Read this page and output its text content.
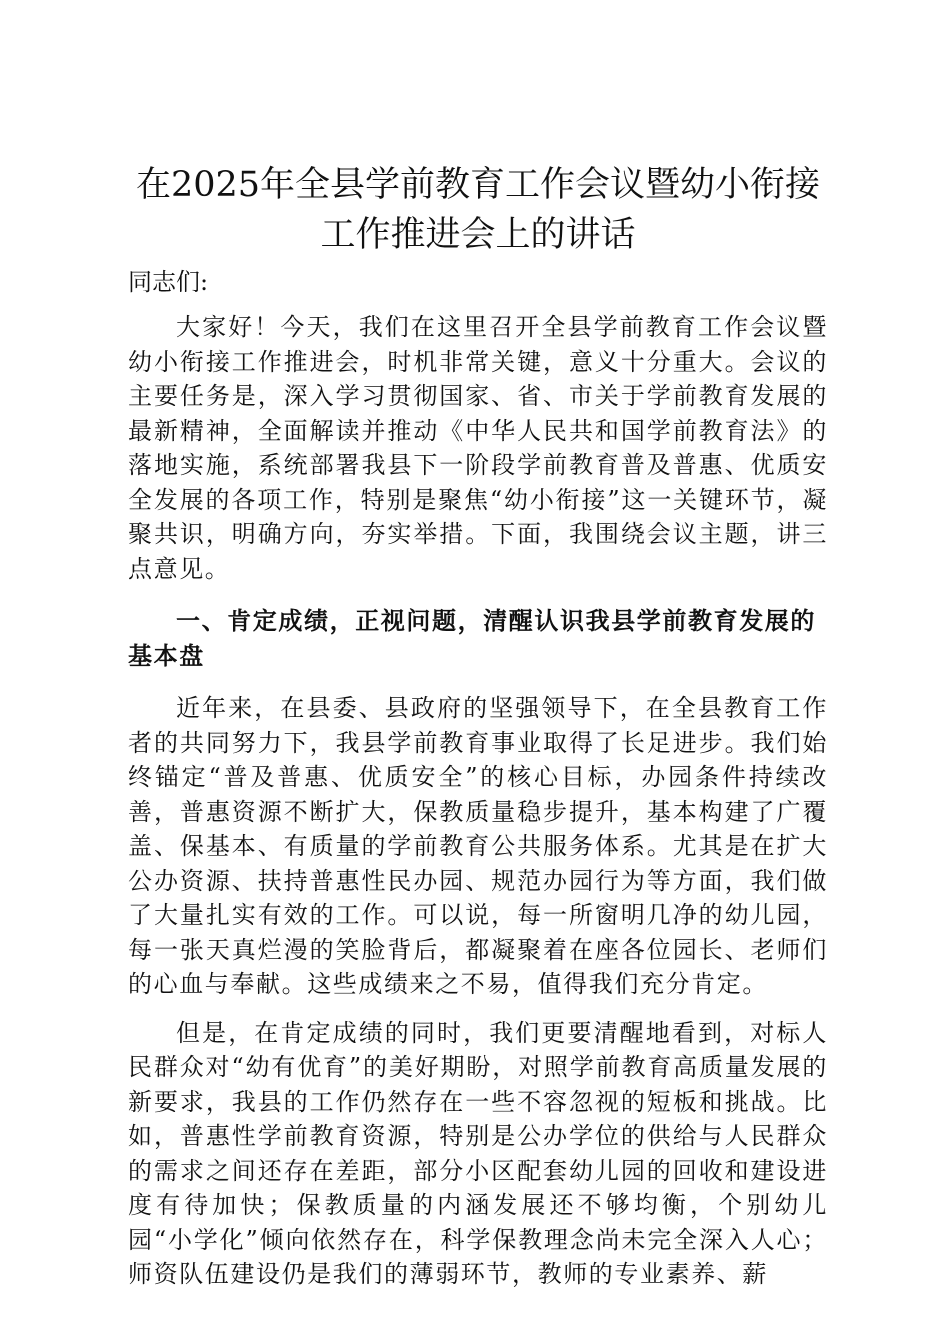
在2025年全县学前教育工作会议暨幼小衔接
工作推进会上的讲话

同志们:

大家好！今天，我们在这里召开全县学前教育工作会议暨幼小衔接工作推进会，时机非常关键，意义十分重大。会议的主要任务是，深入学习贯彻国家、省、市关于学前教育发展的最新精神，全面解读并推动《中华人民共和国学前教育法》的落地实施，系统部署我县下一阶段学前教育普及普惠、优质安全发展的各项工作，特别是聚焦“幼小衔接”这一关键环节，凝聚共识，明确方向，夯实举措。下面，我围绕会议主题，讲三点意见。

一、肯定成绩，正视问题，清醒认识我县学前教育发展的基本盘

近年来，在县委、县政府的坚强领导下，在全县教育工作者的共同努力下，我县学前教育事业取得了长足进步。我们始终锚定“普及普惠、优质安全”的核心目标，办园条件持续改善，普惠资源不断扩大，保教质量稳步提升，基本构建了广覆盖、保基本、有质量的学前教育公共服务体系。尤其是在扩大公办资源、扶持普惠性民办园、规范办园行为等方面，我们做了大量扎实有效的工作。可以说，每一所窗明几净的幼儿园，每一张天真烂漫的笑脸背后，都凝聚着在座各位园长、老师们的心血与奉献。这些成绩来之不易，值得我们充分肯定。

但是，在肯定成绩的同时，我们更要清醒地看到，对标人民群众对“幼有优育”的美好期盼，对照学前教育高质量发展的新要求，我县的工作仍然存在一些不容忽视的短板和挑战。比如，普惠性学前教育资源，特别是公办学位的供给与人民群众的需求之间还存在差距，部分小区配套幼儿园的回收和建设进度有待加快；保教质量的内涵发展还不够均衡，个别幼儿园“小学化”倾向依然存在，科学保教理念尚未完全深入人心；师资队伍建设仍是我们的薄弱环节，教师的专业素养、薪
